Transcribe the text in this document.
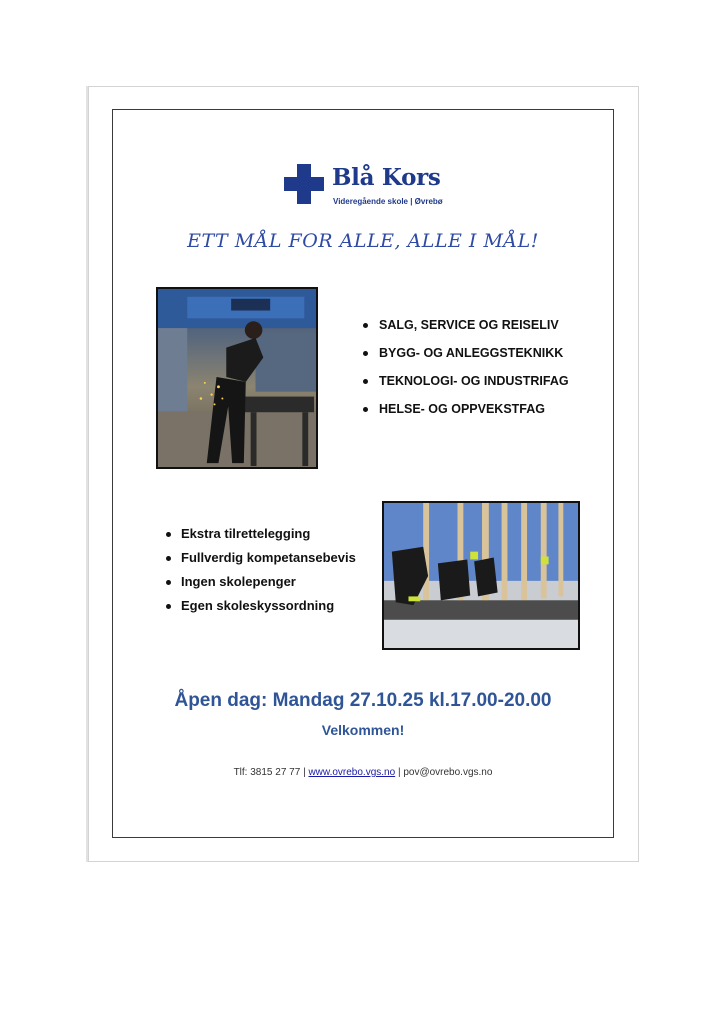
Blå Kors
Videregående skole | Øvrebø
ETT MÅL FOR ALLE, ALLE I MÅL!
SALG, SERVICE OG REISELIV
BYGG- OG ANLEGGSTEKNIKK
TEKNOLOGI- OG INDUSTRIFAG
HELSE- OG OPPVEKSTFAG
Ekstra tilrettelegging
Fullverdig kompetansebevis
Ingen skolepenger
Egen skoleskyssordning
Åpen dag: Mandag 27.10.25 kl.17.00-20.00
Velkommen!
Tlf: 3815 27 77 | www.ovrebo.vgs.no | pov@ovrebo.vgs.no
